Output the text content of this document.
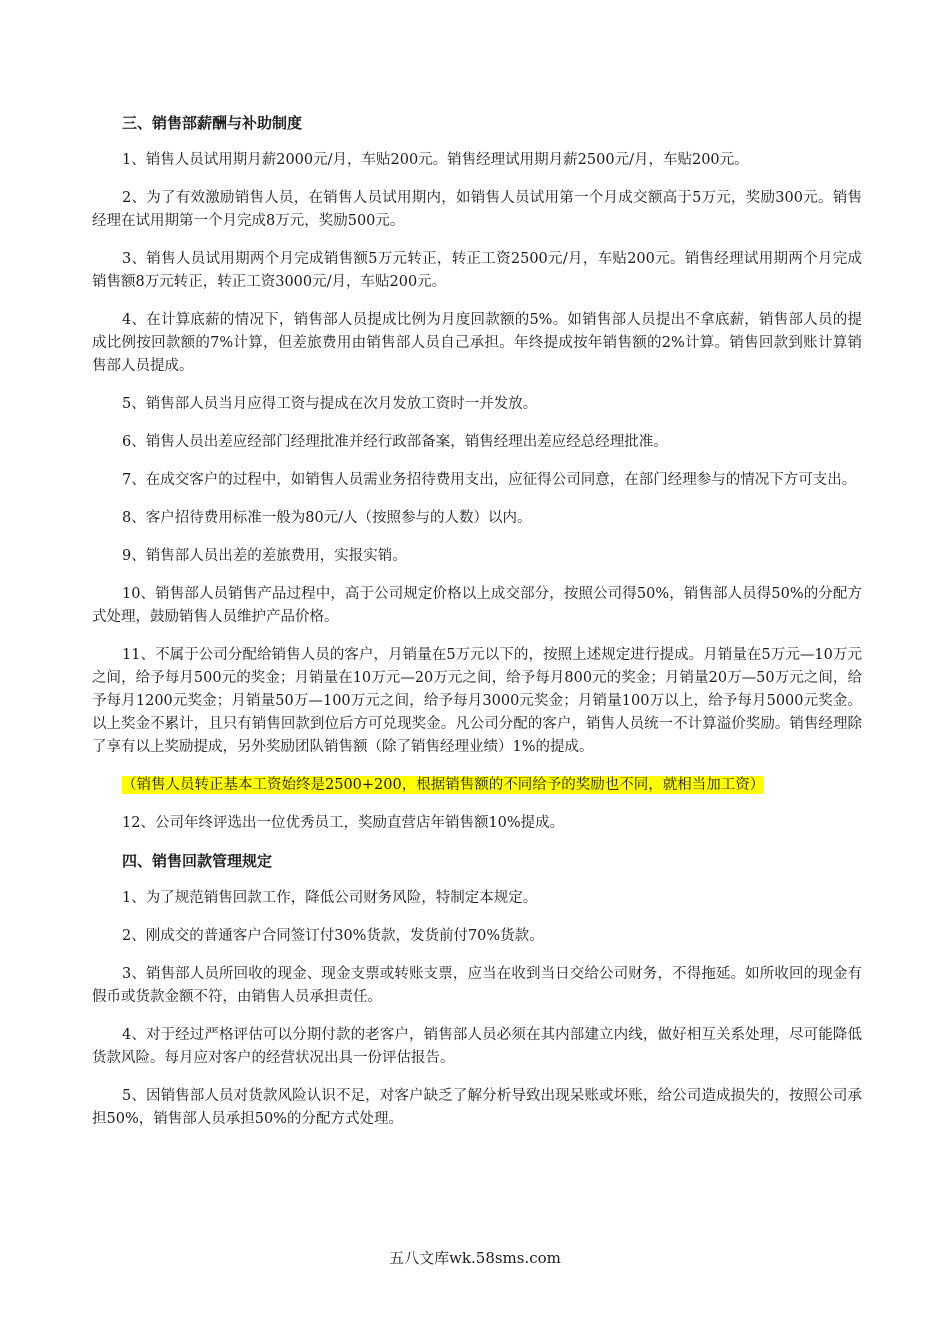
三、销售部薪酬与补助制度

1、销售人员试用期月薪2000元/月，车贴200元。销售经理试用期月薪2500元/月，车贴200元。

2、为了有效激励销售人员，在销售人员试用期内，如销售人员试用第一个月成交额高于5万元，奖励300元。销售经理在试用期第一个月完成8万元，奖励500元。

3、销售人员试用期两个月完成销售额5万元转正，转正工资2500元/月，车贴200元。销售经理试用期两个月完成销售额8万元转正，转正工资3000元/月，车贴200元。

4、在计算底薪的情况下，销售部人员提成比例为月度回款额的5%。如销售部人员提出不拿底薪，销售部人员的提成比例按回款额的7%计算，但差旅费用由销售部人员自己承担。年终提成按年销售额的2%计算。销售回款到账计算销售部人员提成。

5、销售部人员当月应得工资与提成在次月发放工资时一并发放。

6、销售人员出差应经部门经理批准并经行政部备案，销售经理出差应经总经理批准。

7、在成交客户的过程中，如销售人员需业务招待费用支出，应征得公司同意，在部门经理参与的情况下方可支出。

8、客户招待费用标准一般为80元/人（按照参与的人数）以内。

9、销售部人员出差的差旅费用，实报实销。

10、销售部人员销售产品过程中，高于公司规定价格以上成交部分，按照公司得50%，销售部人员得50%的分配方式处理，鼓励销售人员维护产品价格。

11、不属于公司分配给销售人员的客户，月销量在5万元以下的，按照上述规定进行提成。月销量在5万元—10万元之间，给予每月500元的奖金；月销量在10万元—20万元之间，给予每月800元的奖金；月销量20万—50万元之间，给予每月1200元奖金；月销量50万—100万元之间，给予每月3000元奖金；月销量100万以上，给予每月5000元奖金。以上奖金不累计，且只有销售回款到位后方可兑现奖金。凡公司分配的客户，销售人员统一不计算溢价奖励。销售经理除了享有以上奖励提成，另外奖励团队销售额（除了销售经理业绩）1%的提成。

（销售人员转正基本工资始终是2500+200，根据销售额的不同给予的奖励也不同，就相当加工资）

12、公司年终评选出一位优秀员工，奖励直营店年销售额10%提成。

四、销售回款管理规定

1、为了规范销售回款工作，降低公司财务风险，特制定本规定。

2、刚成交的普通客户合同签订付30%货款，发货前付70%货款。

3、销售部人员所回收的现金、现金支票或转账支票，应当在收到当日交给公司财务，不得拖延。如所收回的现金有假币或货款金额不符，由销售人员承担责任。

4、对于经过严格评估可以分期付款的老客户，销售部人员必须在其内部建立内线，做好相互关系处理，尽可能降低货款风险。每月应对客户的经营状况出具一份评估报告。

5、因销售部人员对货款风险认识不足，对客户缺乏了解分析导致出现呆账或坏账，给公司造成损失的，按照公司承担50%，销售部人员承担50%的分配方式处理。

五八文库wk.58sms.com
